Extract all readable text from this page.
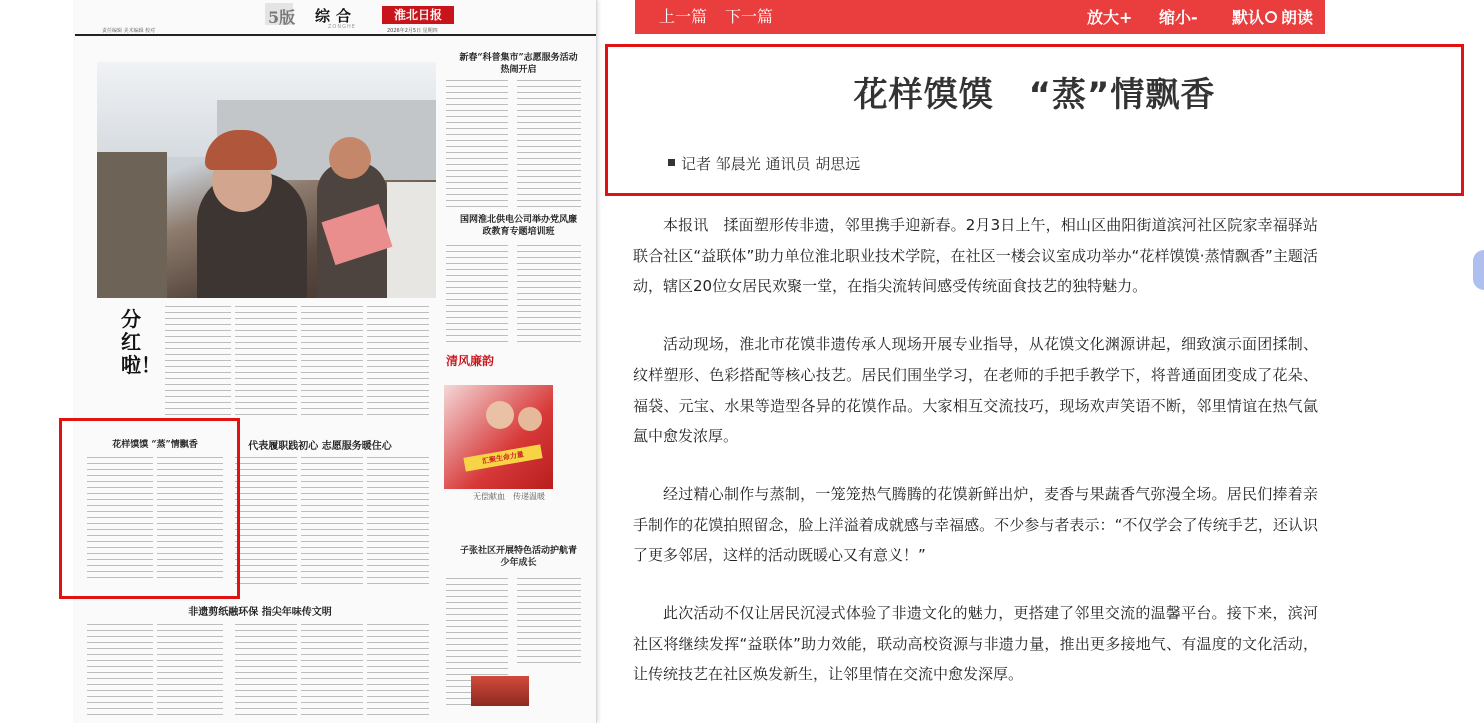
责任编辑 美术编辑 校对
5版 综合
ZONGHE
淮北日报
2026年2月5日 星期四
新春“科普集市”志愿服务活动热闹开启
国网淮北供电公司举办党风廉政教育专题培训班
清风廉韵
汇聚生命力量
无偿献血　传递温暖
分红啦！
花样馍馍 “蒸”情飘香	代表履职践初心 志愿服务暖住心
子张社区开展特色活动护航青少年成长
非遗剪纸融环保 指尖年味传文明
上一篇 下一篇	放大+ 缩小- 默认	朗读
花样馍馍　“蒸”情飘香
记者 邹晨光 通讯员 胡思远

本报讯　揉面塑形传非遗，邻里携手迎新春。2月3日上午，相山区曲阳街道滨河社区院家幸福驿站联合社区“益联体”助力单位淮北职业技术学院，在社区一楼会议室成功举办“花样馍馍·蒸情飘香”主题活动，辖区20位女居民欢聚一堂，在指尖流转间感受传统面食技艺的独特魅力。

活动现场，淮北市花馍非遗传承人现场开展专业指导，从花馍文化渊源讲起，细致演示面团揉制、纹样塑形、色彩搭配等核心技艺。居民们围坐学习，在老师的手把手教学下，将普通面团变成了花朵、福袋、元宝、水果等造型各异的花馍作品。大家相互交流技巧，现场欢声笑语不断，邻里情谊在热气氤氲中愈发浓厚。

经过精心制作与蒸制，一笼笼热气腾腾的花馍新鲜出炉，麦香与果蔬香气弥漫全场。居民们捧着亲手制作的花馍拍照留念，脸上洋溢着成就感与幸福感。不少参与者表示：“不仅学会了传统手艺，还认识了更多邻居，这样的活动既暖心又有意义！”

此次活动不仅让居民沉浸式体验了非遗文化的魅力，更搭建了邻里交流的温馨平台。接下来，滨河社区将继续发挥“益联体”助力效能，联动高校资源与非遗力量，推出更多接地气、有温度的文化活动，让传统技艺在社区焕发新生，让邻里情在交流中愈发深厚。
